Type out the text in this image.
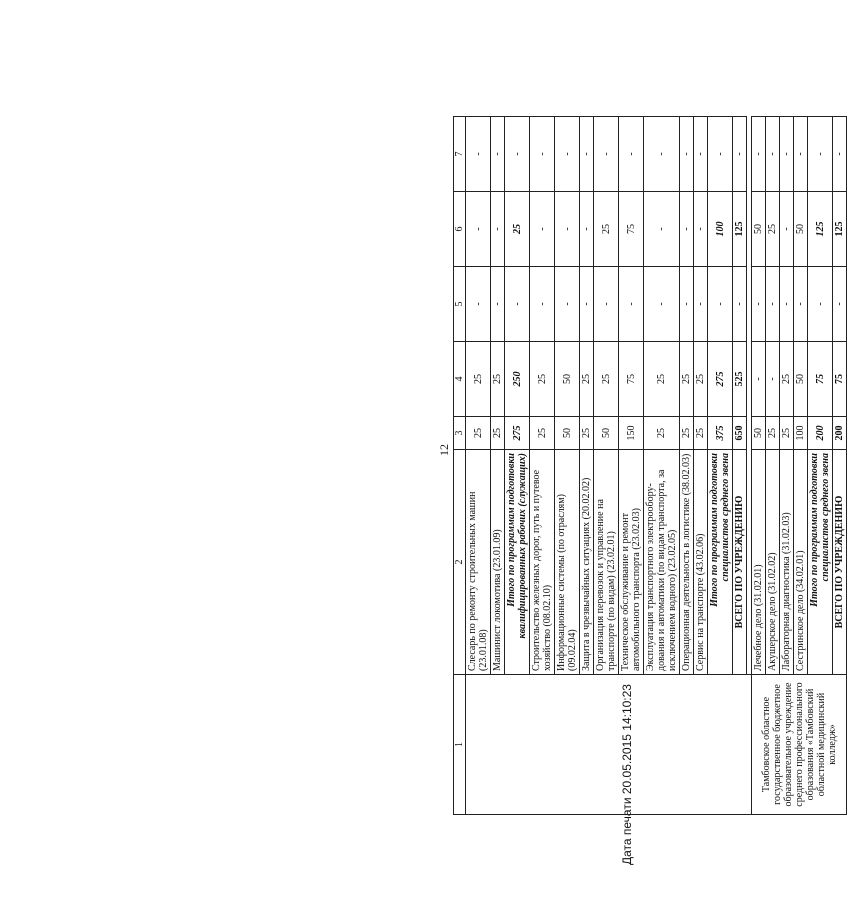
12
1	2	3	4	5	6	7
	Слесарь по ремонту строительных машин (23.01.08)	25	25	-	-	-
	Машинист локомотива (23.01.09)	25	25	-	-	-
	Итого по программам подготовки квалифицированных рабочих (служащих)	275	250	-	25	-
	Строительство железных дорог, путь и путевое хозяйство (08.02.10)	25	25	-	-	-
	Информационные системы (по отраслям) (09.02.04)	50	50	-	-	-
	Защита в чрезвычайных ситуациях (20.02.02)	25	25	-	-	-
	Организация перевозок и управление на транспорте (по видам) (23.02.01)	50	25	-	25	-
	Техническое обслуживание и ремонт автомобильного транспорта (23.02.03)	150	75	-	75	-
	Эксплуатация транспортного электрообору-дования и автоматики (по видам транспорта, за исключением водного) (23.02.05)	25	25	-	-	-
	Операционная деятельность в логистике (38.02.03)	25	25	-	-	-
	Сервис на транспорте (43.02.06)	25	25	-	-	-
	Итого по программам подготовки специалистов среднего звена	375	275	-	100	-
	ВСЕГО ПО УЧРЕЖДЕНИЮ	650	525	-	125	-

Тамбовское областное государственное бюджетное образовательное учреждение среднего профессионального образования «Тамбовский областной медицинский колледж»	Лечебное дело (31.02.01)	50	-	-	50	-
	Акушерское дело (31.02.02)	25	-	-	25	-
	Лабораторная диагностика (31.02.03)	25	25	-	-	-
	Сестринское дело (34.02.01)	100	50	-	50	-
	Итого по программам подготовки специалистов среднего звена	200	75	-	125	-
	ВСЕГО ПО УЧРЕЖДЕНИЮ	200	75	-	125	-
Дата печати 20.05.2015 14:10:23
